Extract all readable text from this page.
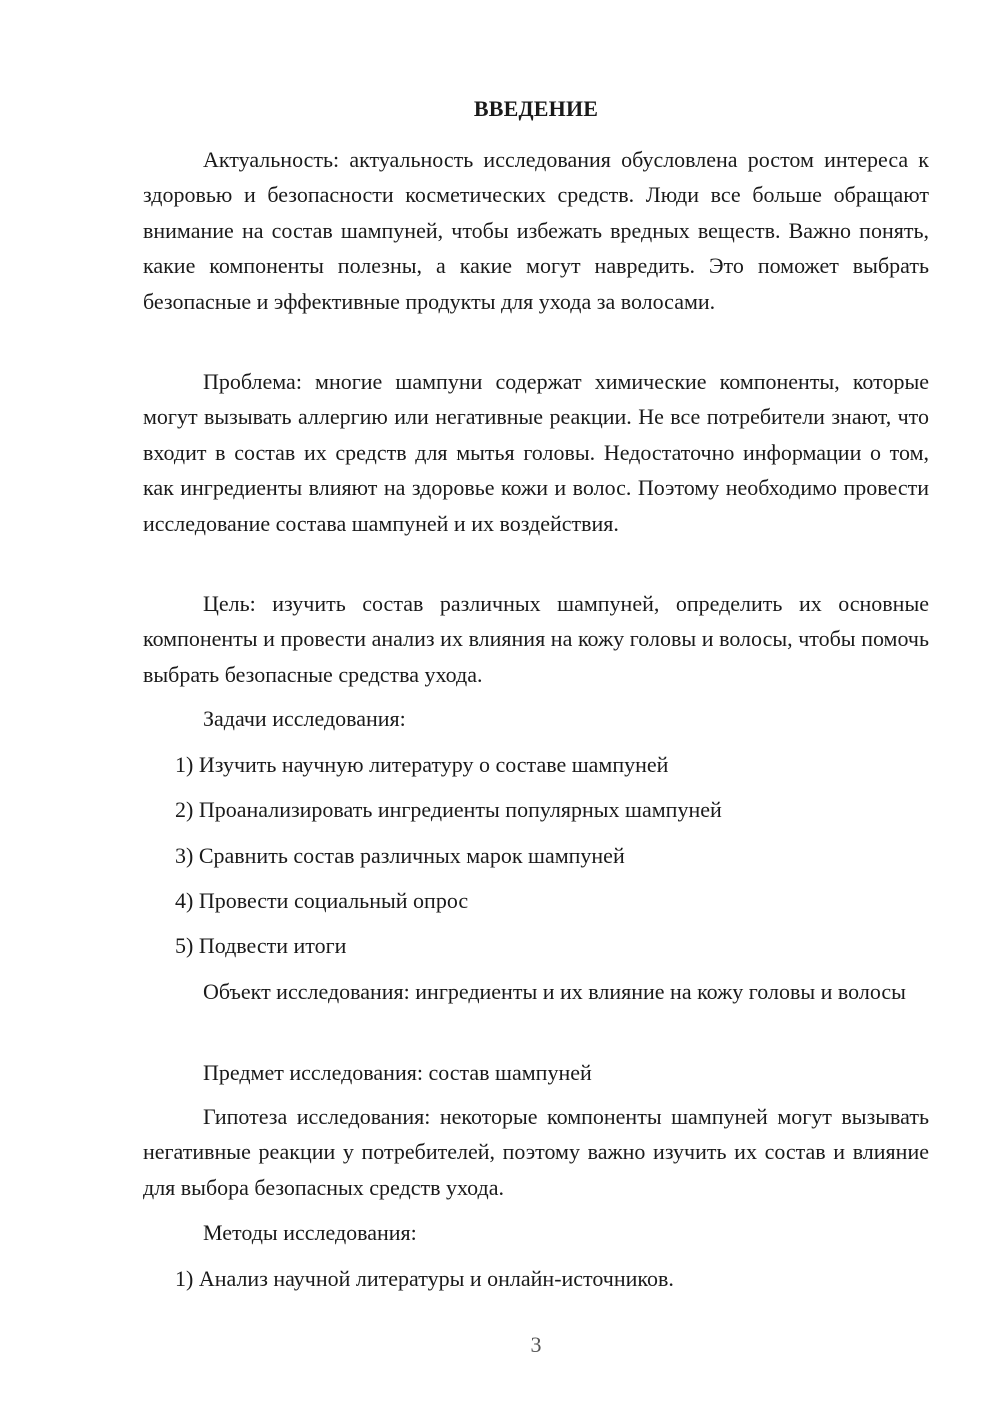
ВВЕДЕНИЕ

Актуальность: актуальность исследования обусловлена ростом интереса к здоровью и безопасности косметических средств. Люди все больше обращают внимание на состав шампуней, чтобы избежать вредных веществ. Важно понять, какие компоненты полезны, а какие могут навредить. Это поможет выбрать безопасные и эффективные продукты для ухода за волосами.

Проблема: многие шампуни содержат химические компоненты, которые могут вызывать аллергию или негативные реакции. Не все потребители знают, что входит в состав их средств для мытья головы. Недостаточно информации о том, как ингредиенты влияют на здоровье кожи и волос. Поэтому необходимо провести исследование состава шампуней и их воздействия.

Цель: изучить состав различных шампуней, определить их основные компоненты и провести анализ их влияния на кожу головы и волосы, чтобы помочь выбрать безопасные средства ухода.

Задачи исследования:
1) Изучить научную литературу о составе шампуней
2) Проанализировать ингредиенты популярных шампуней
3) Сравнить состав различных марок шампуней
4) Провести социальный опрос
5) Подвести итоги

Объект исследования: ингредиенты и их влияние на кожу головы и волосы

Предмет исследования: состав шампуней

Гипотеза исследования: некоторые компоненты шампуней могут вызывать негативные реакции у потребителей, поэтому важно изучить их состав и влияние для выбора безопасных средств ухода.

Методы исследования:
1) Анализ научной литературы и онлайн-источников.
3
